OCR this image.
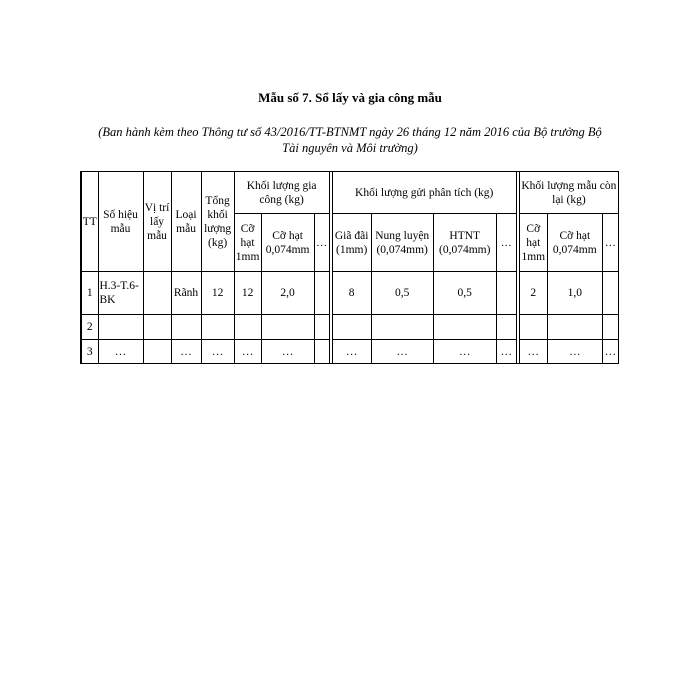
Mẫu số 7. Sổ lấy và gia công mẫu
(Ban hành kèm theo Thông tư số 43/2016/TT-BTNMT ngày 26 tháng 12 năm 2016 của Bộ trưởng Bộ Tài nguyên và Môi trường)
TT	Số hiệu mẫu	Vị trí lấy mẫu	Loại mẫu	Tổng khối lượng (kg)	Khối lượng gia công (kg)				Khối lượng gửi phân tích (kg)					Khối lượng mẫu còn lại (kg)		
					Cỡ hạt 1mm	Cỡ hạt 0,074mm	…		Giã đãi (1mm)	Nung luyện (0,074mm)	HTNT (0,074mm)	…		Cỡ hạt 1mm	Cỡ hạt 0,074mm	…
1	H.3-T.6-BK		Rãnh	12	12	2,0			8	0,5	0,5			2	1,0	
2																
3	…		…	…	…	…			…	…	…	…		…	…	…
